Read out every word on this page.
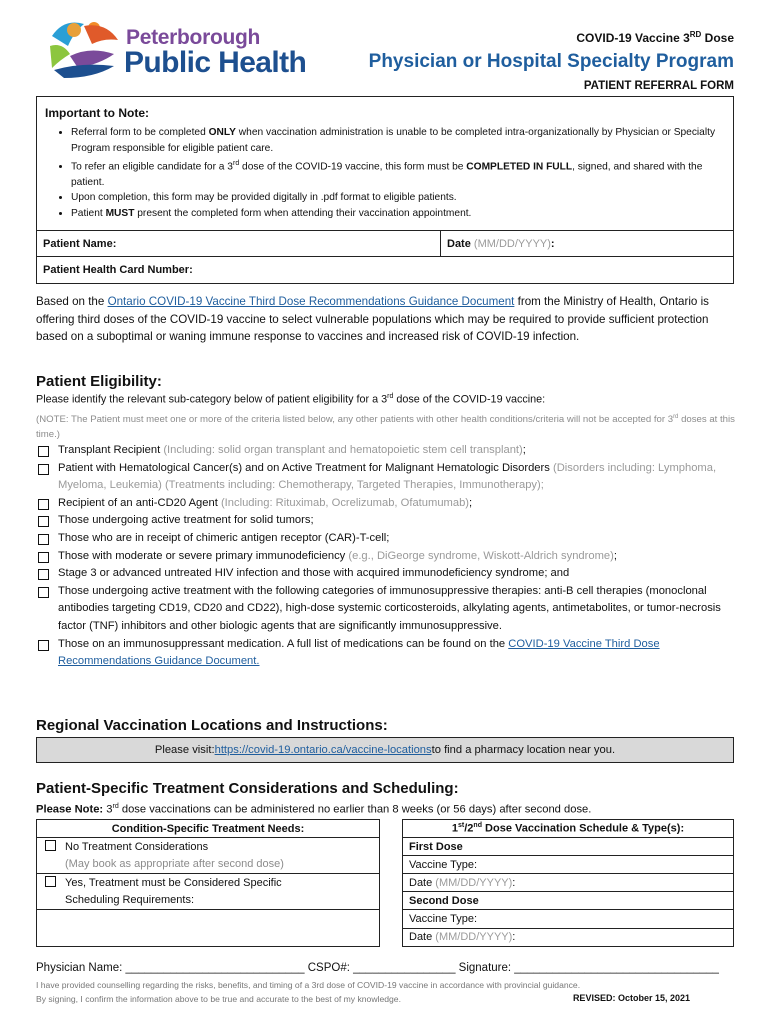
Peterborough
Public Health
COVID-19 Vaccine 3RD Dose
Physician or Hospital Specialty Program
PATIENT REFERRAL FORM
Important to Note:
• Referral form to be completed ONLY when vaccination administration is unable to be completed intra-organizationally by Physician or Specialty Program responsible for eligible patient care.
• To refer an eligible candidate for a 3rd dose of the COVID-19 vaccine, this form must be COMPLETED IN FULL, signed, and shared with the patient.
• Upon completion, this form may be provided digitally in .pdf format to eligible patients.
• Patient MUST present the completed form when attending their vaccination appointment.
Patient Name:	Date
(MM/DD/YYYY) :
Patient Health Card Number:
Based on the Ontario COVID-19 Vaccine Third Dose Recommendations Guidance Document from the Ministry of Health, Ontario is offering third doses of the COVID-19 vaccine to select vulnerable populations which may be required to provide sufficient protection based on a suboptimal or waning immune response to vaccines and increased risk of COVID-19 infection.
Patient Eligibility:
Please identify the relevant sub-category below of patient eligibility for a 3rd dose of the COVID-19 vaccine:
(NOTE: The Patient must meet one or more of the criteria listed below, any other patients with other health conditions/criteria will not be accepted for 3rd doses at this time.)
Transplant Recipient (Including: solid organ transplant and hematopoietic stem cell transplant);
Patient with Hematological Cancer(s) and on Active Treatment for Malignant Hematologic Disorders (Disorders including: Lymphoma, Myeloma, Leukemia) (Treatments including: Chemotherapy, Targeted Therapies, Immunotherapy);
Recipient of an anti-CD20 Agent (Including: Rituximab, Ocrelizumab, Ofatumumab);
Those undergoing active treatment for solid tumors;
Those who are in receipt of chimeric antigen receptor (CAR)-T-cell;
Those with moderate or severe primary immunodeficiency (e.g., DiGeorge syndrome, Wiskott-Aldrich syndrome);
Stage 3 or advanced untreated HIV infection and those with acquired immunodeficiency syndrome; and
Those undergoing active treatment with the following categories of immunosuppressive therapies: anti-B cell therapies (monoclonal antibodies targeting CD19, CD20 and CD22), high-dose systemic corticosteroids, alkylating agents, antimetabolites, or tumor-necrosis factor (TNF) inhibitors and other biologic agents that are significantly immunosuppressive.
Those on an immunosuppressant medication. A full list of medications can be found on the COVID-19 Vaccine Third Dose Recommendations Guidance Document.
Regional Vaccination Locations and Instructions:
Please visit: https://covid-19.ontario.ca/vaccine-locations to find a pharmacy location near you.
Patient-Specific Treatment Considerations and Scheduling:
Please Note: 3rd dose vaccinations can be administered no earlier than 8 weeks (or 56 days) after second dose.
Condition-Specific Treatment Needs:		1st/2nd Dose Vaccination Schedule & Type(s):
No Treatment Considerations		First Dose
(May book as appropriate after second dose)		Vaccine Type:
Yes, Treatment must be Considered Specific		Date (MM/DD/YYYY):
Scheduling Requirements:		Second Dose
		Vaccine Type:
		Date (MM/DD/YYYY):
Physician Name: ____________________________ CSPO#: ________________ Signature: ________________________________
I have provided counselling regarding the risks, benefits, and timing of a 3rd dose of COVID-19 vaccine in accordance with provincial guidance.
By signing, I confirm the information above to be true and accurate to the best of my knowledge.	REVISED: October 15, 2021
